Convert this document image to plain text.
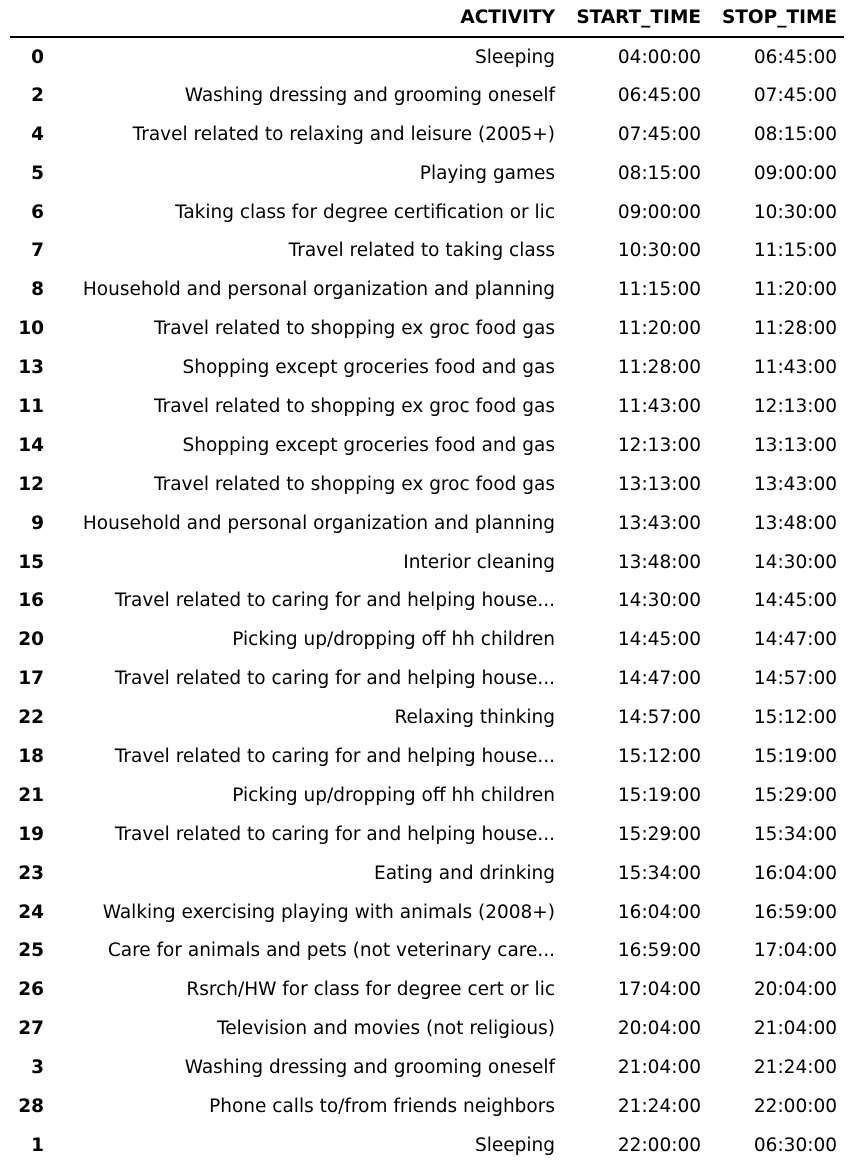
	ACTIVITY	START_TIME	STOP_TIME
0	Sleeping	04:00:00	06:45:00
2	Washing dressing and grooming oneself	06:45:00	07:45:00
4	Travel related to relaxing and leisure (2005+)	07:45:00	08:15:00
5	Playing games	08:15:00	09:00:00
6	Taking class for degree certification or lic	09:00:00	10:30:00
7	Travel related to taking class	10:30:00	11:15:00
8	Household and personal organization and planning	11:15:00	11:20:00
10	Travel related to shopping ex groc food gas	11:20:00	11:28:00
13	Shopping except groceries food and gas	11:28:00	11:43:00
11	Travel related to shopping ex groc food gas	11:43:00	12:13:00
14	Shopping except groceries food and gas	12:13:00	13:13:00
12	Travel related to shopping ex groc food gas	13:13:00	13:43:00
9	Household and personal organization and planning	13:43:00	13:48:00
15	Interior cleaning	13:48:00	14:30:00
16	Travel related to caring for and helping house...	14:30:00	14:45:00
20	Picking up/dropping off hh children	14:45:00	14:47:00
17	Travel related to caring for and helping house...	14:47:00	14:57:00
22	Relaxing thinking	14:57:00	15:12:00
18	Travel related to caring for and helping house...	15:12:00	15:19:00
21	Picking up/dropping off hh children	15:19:00	15:29:00
19	Travel related to caring for and helping house...	15:29:00	15:34:00
23	Eating and drinking	15:34:00	16:04:00
24	Walking exercising playing with animals (2008+)	16:04:00	16:59:00
25	Care for animals and pets (not veterinary care...	16:59:00	17:04:00
26	Rsrch/HW for class for degree cert or lic	17:04:00	20:04:00
27	Television and movies (not religious)	20:04:00	21:04:00
3	Washing dressing and grooming oneself	21:04:00	21:24:00
28	Phone calls to/from friends neighbors	21:24:00	22:00:00
1	Sleeping	22:00:00	06:30:00
